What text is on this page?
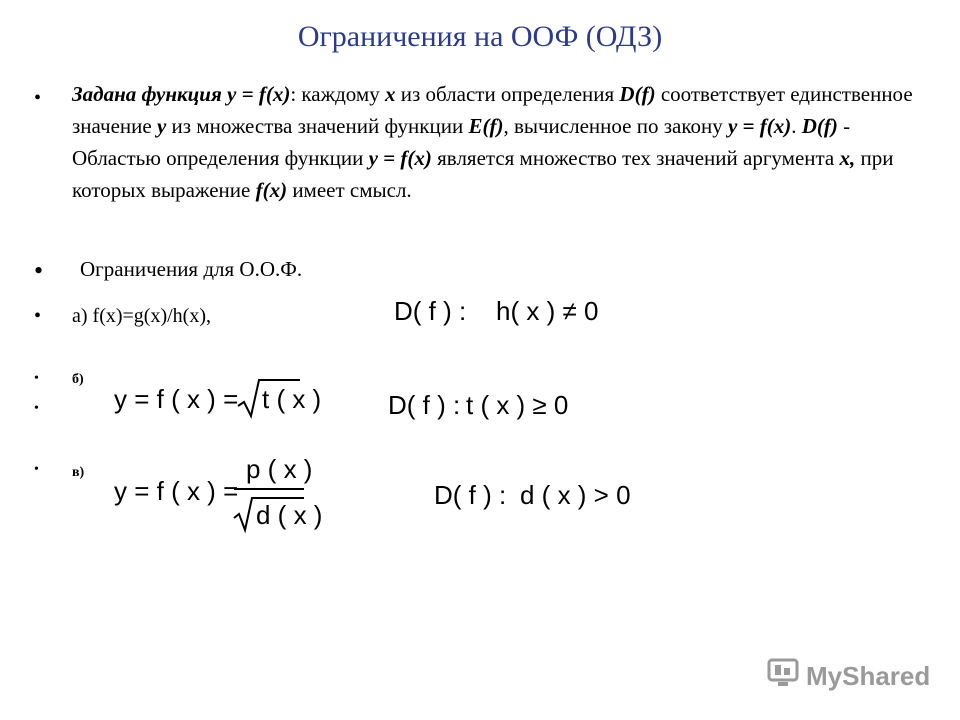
Ограничения на ООФ (ОДЗ)
• Задана функция y = f(x): каждому x из области определения D(f) соответствует единственное значение y из множества значений функции E(f), вычисленное по закону y = f(x). D(f) - Областью определения функции y = f(x) является множество тех значений аргумента x, при которых выражение f(x) имеет смысл.
• Ограничения для О.О.Ф.
• а) f(x)=g(x)/h(x),	D( f ) : h( x ) ≠ 0
• б)
•	y = f ( x ) = t ( x )	D( f ) : t ( x ) ≥ 0
• в)
y = f ( x ) =
p ( x )
d ( x )
D( f ) : d ( x ) > 0
MyShared
